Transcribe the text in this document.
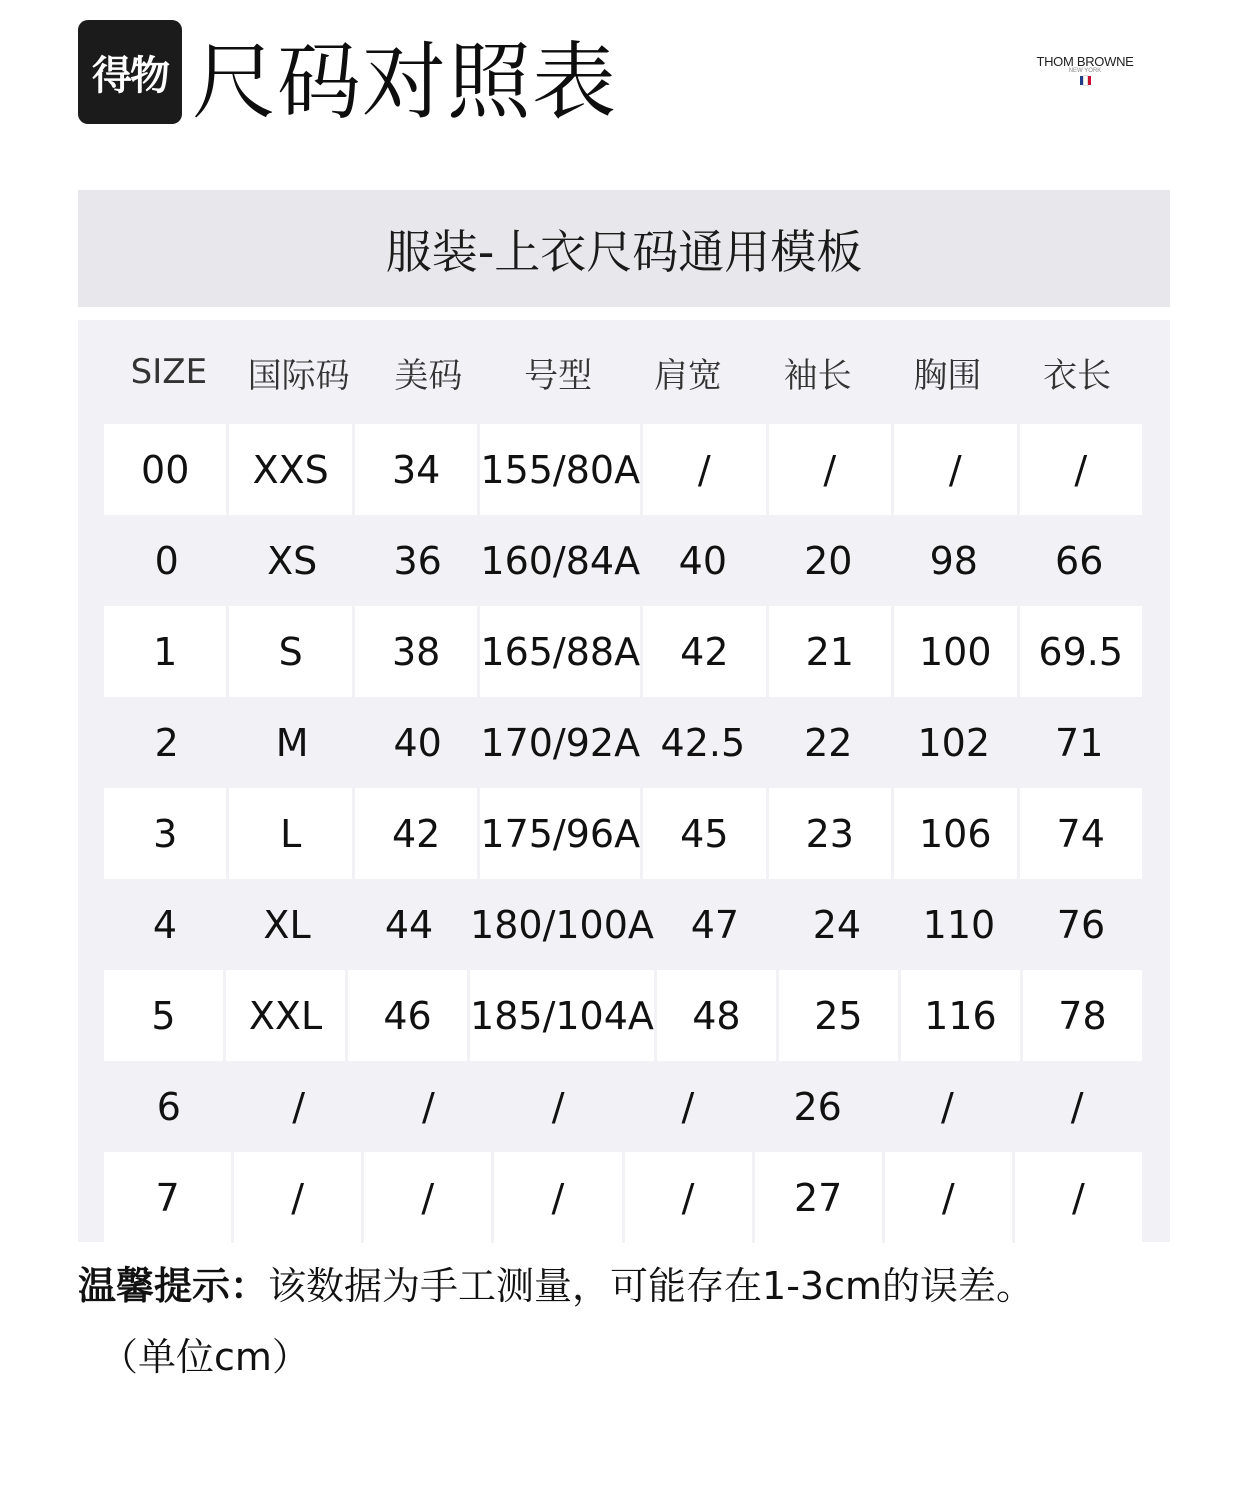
得物 尺码对照表	THOM BROWNE
NEW YORK
服装-上衣尺码通用模板
SIZE	国际码	美码	号型	肩宽	袖长	胸围	衣长
00	XXS	34	155/80A	/	/	/	/
0	XS	36	160/84A	40	20	98	66
1	S	38	165/88A	42	21	100	69.5
2	M	40	170/92A 42.5	22	102	71
3	L	42	175/96A	45	23	106	74
4	XL	44 180/100A 47	24	110	76
5	XXL	46	185/104A	48	25	116	78
6	/	/	/	/	26	/	/
7	/	/	/	/	27	/	/
温馨提示：该数据为手工测量，可能存在1-3cm的误差。
（单位cm）
